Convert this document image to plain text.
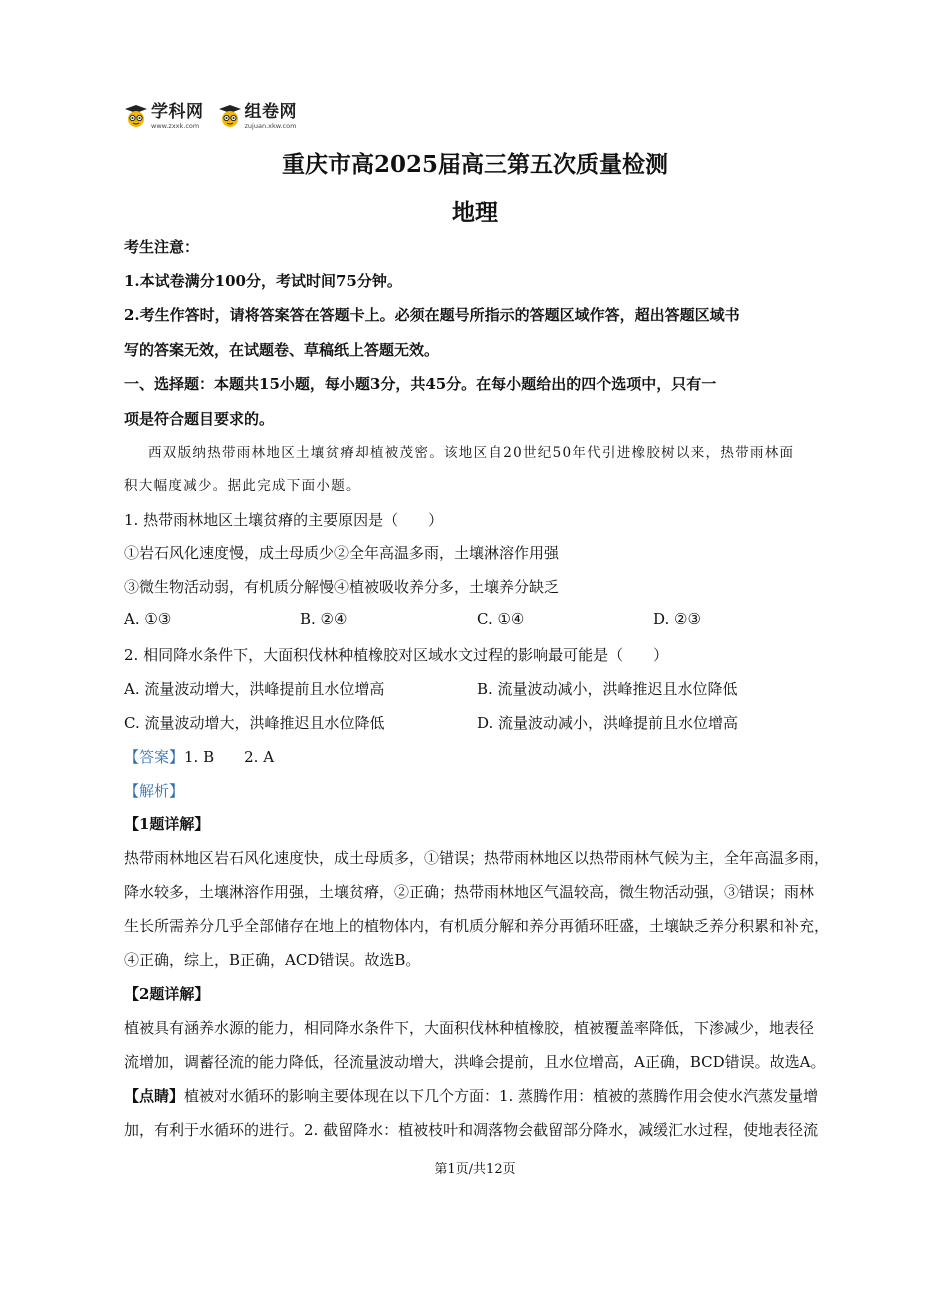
学科网
www.zxxk.com
组卷网
zujuan.xkw.com
重庆市高2025届高三第五次质量检测
地理
考生注意：
1.本试卷满分100分，考试时间75分钟。
2.考生作答时，请将答案答在答题卡上。必须在题号所指示的答题区域作答，超出答题区域书
写的答案无效，在试题卷、草稿纸上答题无效。
一、选择题：本题共15小题，每小题3分，共45分。在每小题给出的四个选项中，只有一
项是符合题目要求的。
西双版纳热带雨林地区土壤贫瘠却植被茂密。该地区自20世纪50年代引进橡胶树以来，热带雨林面
积大幅度减少。据此完成下面小题。
1. 热带雨林地区土壤贫瘠的主要原因是（　　）
①岩石风化速度慢，成土母质少②全年高温多雨，土壤淋溶作用强
③微生物活动弱，有机质分解慢④植被吸收养分多，土壤养分缺乏
A. ①③	B. ②④	C. ①④	D. ②③
2. 相同降水条件下，大面积伐林种植橡胶对区域水文过程的影响最可能是（　　）
A. 流量波动增大，洪峰提前且水位增高	B. 流量波动减小，洪峰推迟且水位降低
C. 流量波动增大，洪峰推迟且水位降低	D. 流量波动减小，洪峰提前且水位增高
【答案】1. B 2. A
【解析】
【1题详解】
热带雨林地区岩石风化速度快，成土母质多，①错误；热带雨林地区以热带雨林气候为主，全年高温多雨，
降水较多，土壤淋溶作用强，土壤贫瘠，②正确；热带雨林地区气温较高，微生物活动强，③错误；雨林
生长所需养分几乎全部储存在地上的植物体内，有机质分解和养分再循环旺盛，土壤缺乏养分积累和补充，
④正确，综上，B正确，ACD错误。故选B。
【2题详解】
植被具有涵养水源的能力，相同降水条件下，大面积伐林种植橡胶，植被覆盖率降低，下渗减少，地表径
流增加，调蓄径流的能力降低，径流量波动增大，洪峰会提前，且水位增高，A正确，BCD错误。故选A。
【点睛】植被对水循环的影响主要体现在以下几个方面：1. 蒸腾作用：植被的蒸腾作用会使水汽蒸发量增
加，有利于水循环的进行。2. 截留降水：植被枝叶和凋落物会截留部分降水，减缓汇水过程，使地表径流
第1页/共12页
